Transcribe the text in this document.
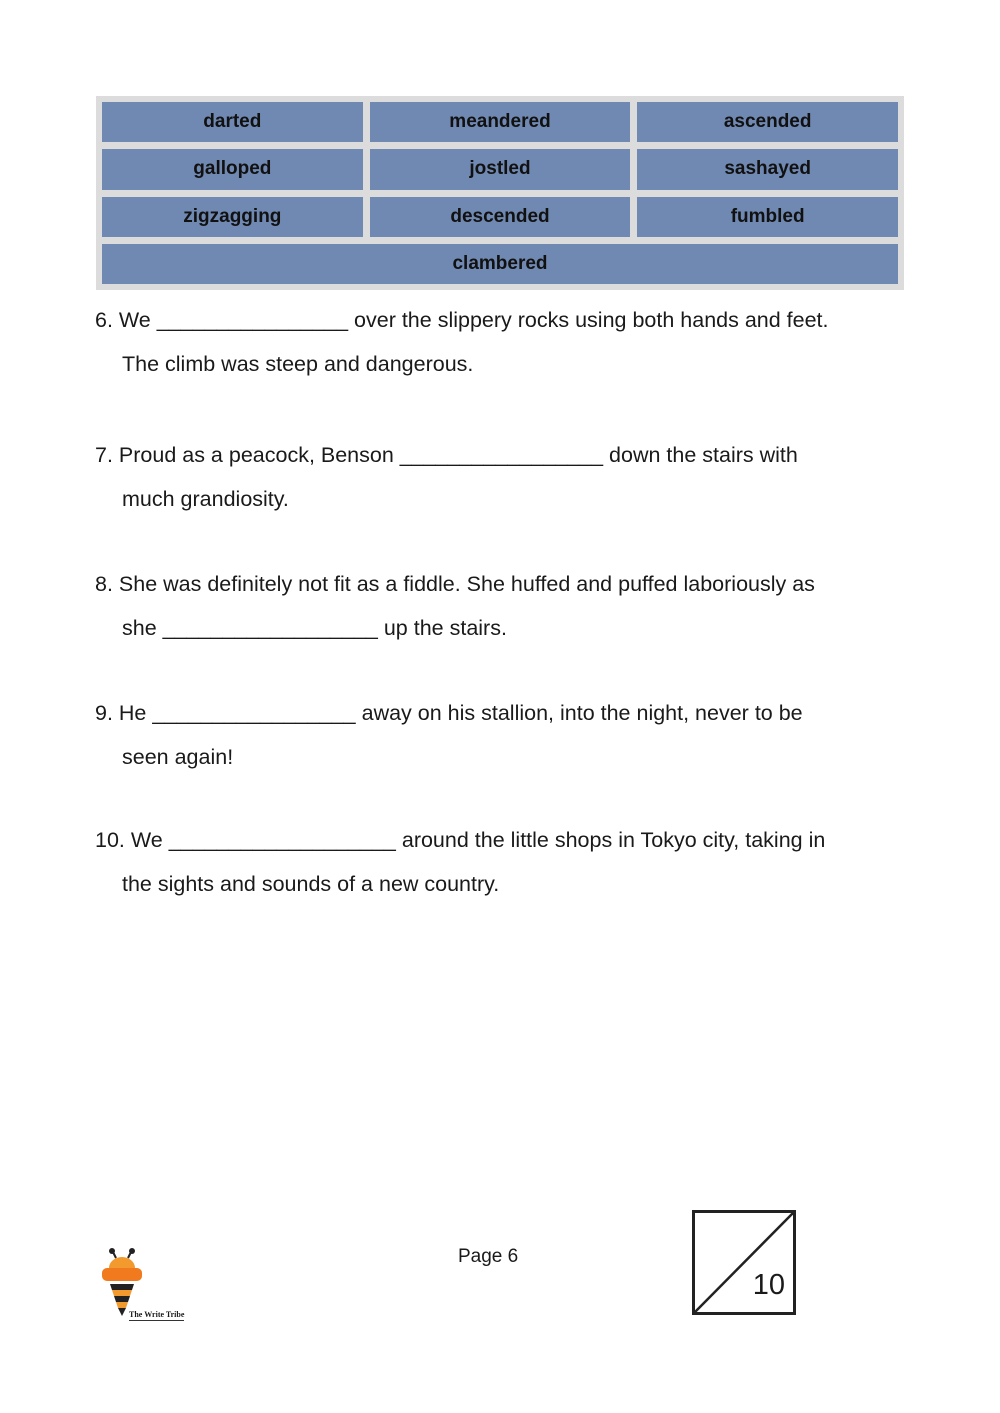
darted	meandered	ascended
galloped	jostled	sashayed
zigzagging	descended	fumbled
clambered
6. We ________________ over the slippery rocks using both hands and feet.
The climb was steep and dangerous.
7. Proud as a peacock, Benson _________________ down the stairs with
much grandiosity.
8. She was definitely not fit as a fiddle. She huffed and puffed laboriously as
she __________________ up the stairs.
9. He _________________ away on his stallion, into the night, never to be
seen again!
10. We ___________________ around the little shops in Tokyo city, taking in
the sights and sounds of a new country.
The Write Tribe
Page 6
10
